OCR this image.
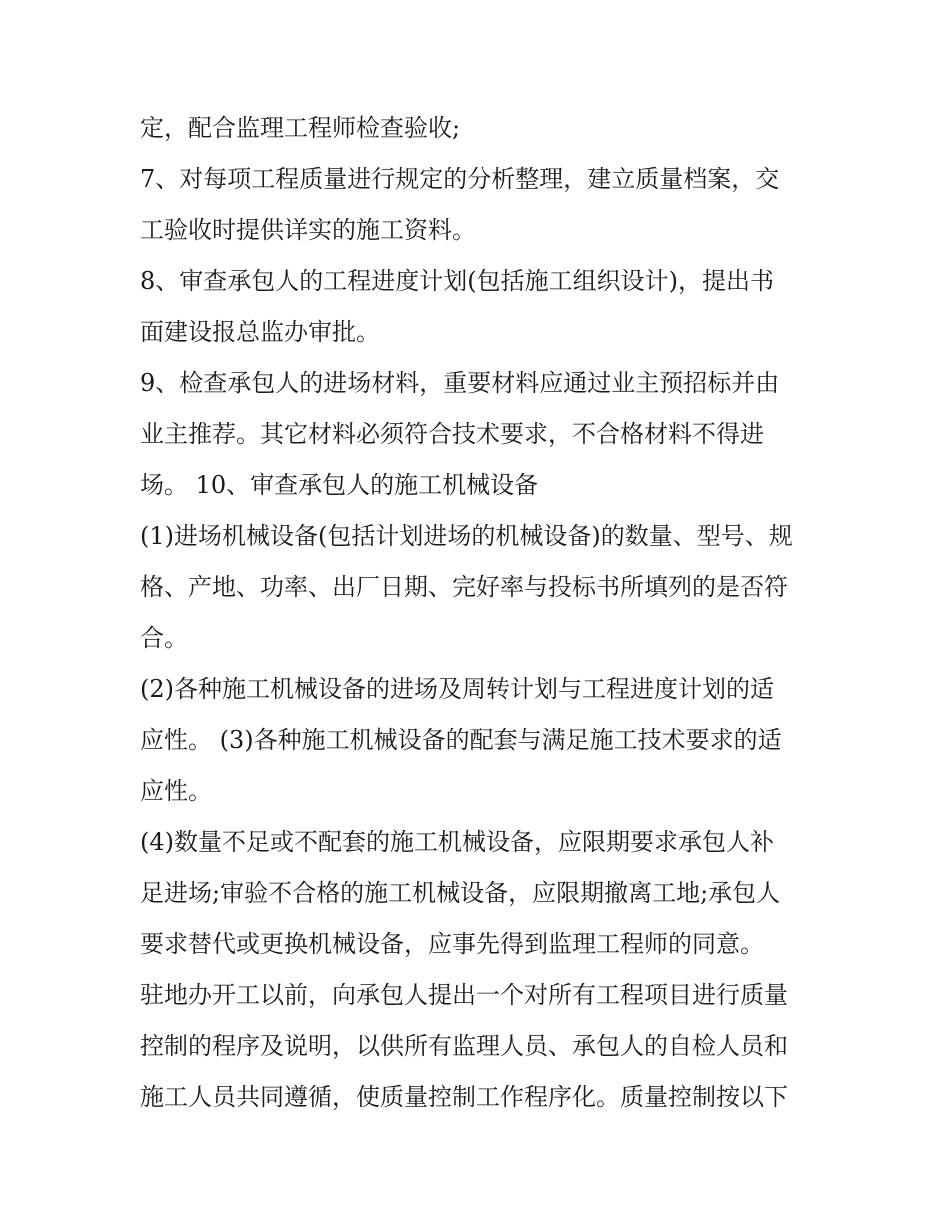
定，配合监理工程师检查验收;
7、对每项工程质量进行规定的分析整理，建立质量档案，交
工验收时提供详实的施工资料。
8、审查承包人的工程进度计划(包括施工组织设计)，提出书
面建设报总监办审批。
9、检查承包人的进场材料，重要材料应通过业主预招标并由
业主推荐。其它材料必须符合技术要求，不合格材料不得进
场。 10、审查承包人的施工机械设备
(1)进场机械设备(包括计划进场的机械设备)的数量、型号、规
格、产地、功率、出厂日期、完好率与投标书所填列的是否符
合。
(2)各种施工机械设备的进场及周转计划与工程进度计划的适
应性。 (3)各种施工机械设备的配套与满足施工技术要求的适
应性。
(4)数量不足或不配套的施工机械设备，应限期要求承包人补
足进场;审验不合格的施工机械设备，应限期撤离工地;承包人
要求替代或更换机械设备，应事先得到监理工程师的同意。
驻地办开工以前，向承包人提出一个对所有工程项目进行质量
控制的程序及说明，以供所有监理人员、承包人的自检人员和
施工人员共同遵循，使质量控制工作程序化。质量控制按以下
